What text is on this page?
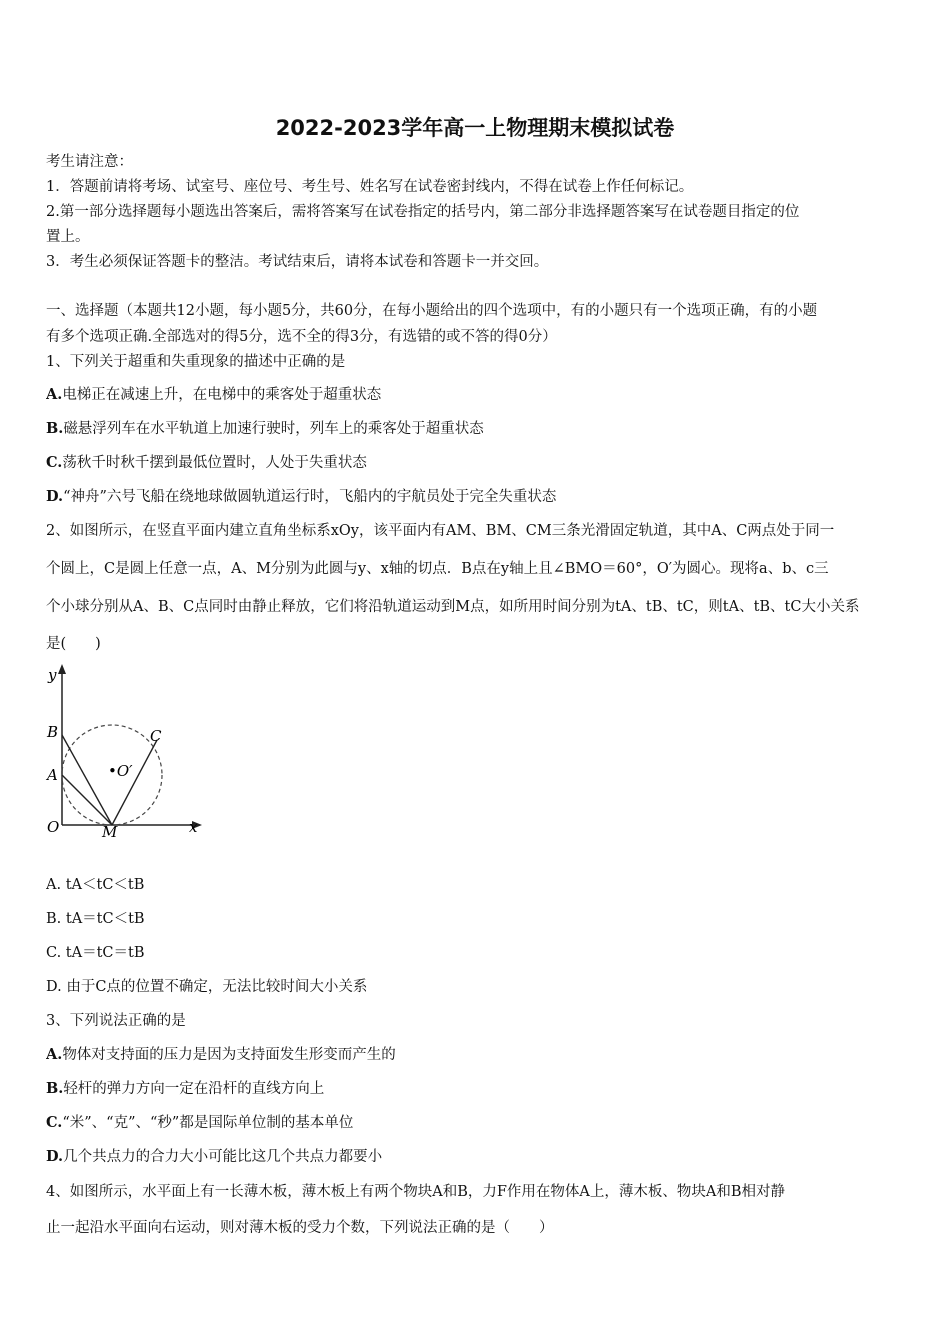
2022-2023学年高一上物理期末模拟试卷
考生请注意：
1．答题前请将考场、试室号、座位号、考生号、姓名写在试卷密封线内，不得在试卷上作任何标记。
2.第一部分选择题每小题选出答案后，需将答案写在试卷指定的括号内，第二部分非选择题答案写在试卷题目指定的位
置上。
3．考生必须保证答题卡的整洁。考试结束后，请将本试卷和答题卡一并交回。
一、选择题（本题共12小题，每小题5分，共60分，在每小题给出的四个选项中，有的小题只有一个选项正确，有的小题
有多个选项正确.全部选对的得5分，选不全的得3分，有选错的或不答的得0分）
1、下列关于超重和失重现象的描述中正确的是
A.电梯正在减速上升，在电梯中的乘客处于超重状态
B.磁悬浮列车在水平轨道上加速行驶时，列车上的乘客处于超重状态
C.荡秋千时秋千摆到最低位置时，人处于失重状态
D.“神舟”六号飞船在绕地球做圆轨道运行时，飞船内的宇航员处于完全失重状态
2、如图所示，在竖直平面内建立直角坐标系xOy，该平面内有AM、BM、CM三条光滑固定轨道，其中A、C两点处于同一
个圆上，C是圆上任意一点，A、M分别为此圆与y、x轴的切点．B点在y轴上且∠BMO＝60°，O′为圆心。现将a、b、c三
个小球分别从A、B、C点同时由静止释放，它们将沿轨道运动到M点，如所用时间分别为tA、tB、tC，则tA、tB、tC大小关系
是(　　)
y
x
O	M
A
B	C
•O′
A. tA＜tC＜tB
B. tA＝tC＜tB
C. tA＝tC＝tB
D. 由于C点的位置不确定，无法比较时间大小关系
3、下列说法正确的是
A.物体对支持面的压力是因为支持面发生形变而产生的
B.轻杆的弹力方向一定在沿杆的直线方向上
C.“米”、“克”、“秒”都是国际单位制的基本单位
D.几个共点力的合力大小可能比这几个共点力都要小
4、如图所示，水平面上有一长薄木板，薄木板上有两个物块A和B，力F作用在物体A上，薄木板、物块A和B相对静
止一起沿水平面向右运动，则对薄木板的受力个数，下列说法正确的是（　　）
